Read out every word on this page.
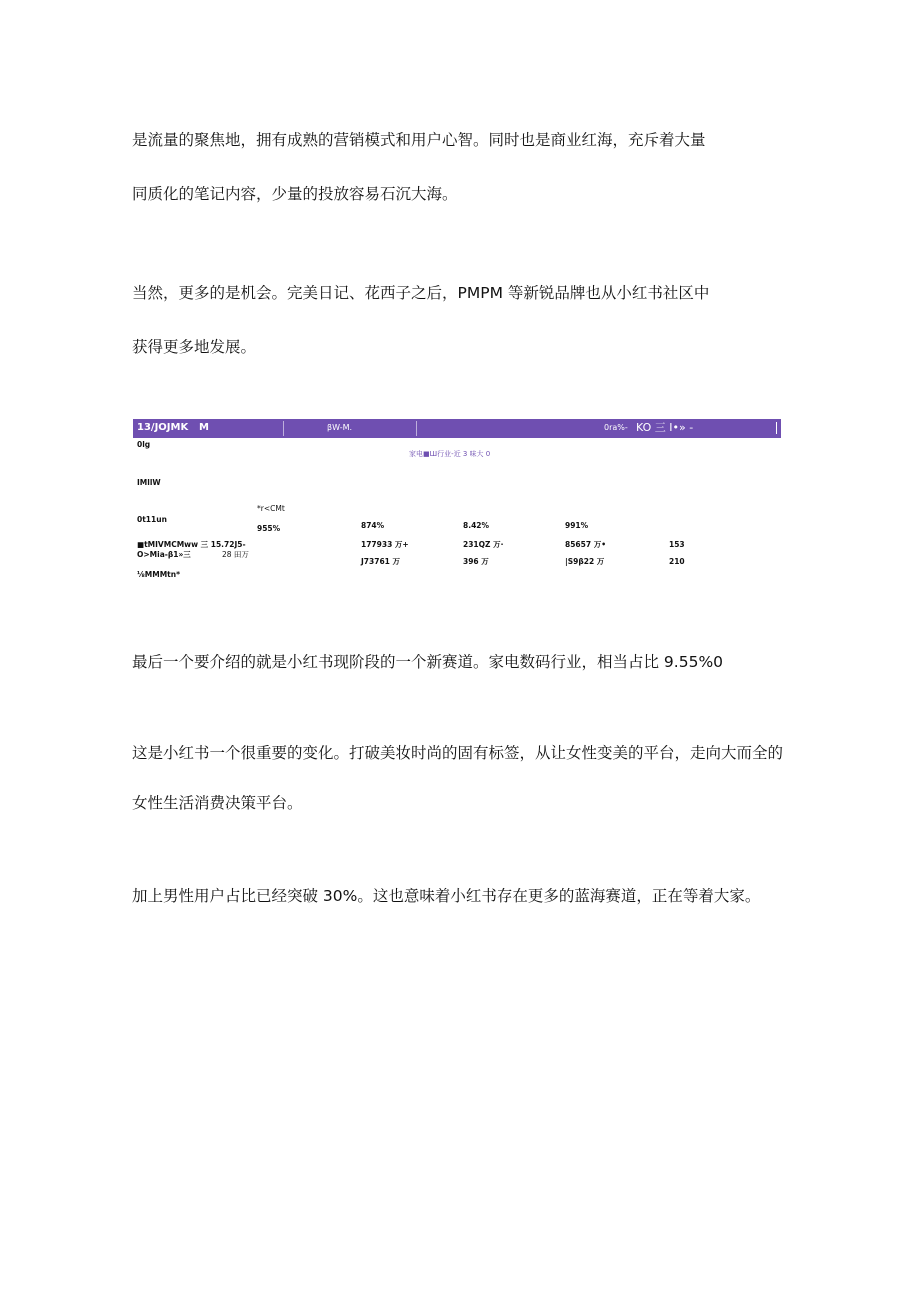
是流量的聚焦地，拥有成熟的营销模式和用户心智。同时也是商业红海，充斥着大量

同质化的笔记内容，少量的投放容易石沉大海。

当然，更多的是机会。完美日记、花西子之后，PMPM 等新锐品牌也从小红书社区中

获得更多地发展。

13/JOJMK M	βW-M.	0ra%- KO 三 I•» -
家电■Ш行业-近 3 味大 0
0lg
IMllW
0t11un
■tMIVMCMww 三 15.72J5-
O>Mia-β1»三
⅛MMMtn*
*r<CMt
955%
28 田万
874%
177933 万+
J73761 万
8.42%
231QZ 万·
396 万
991%
85657 万•
|S9β22 万
153
210

最后一个要介绍的就是小红书现阶段的一个新赛道。家电数码行业，相当占比 9.55%0

这是小红书一个很重要的变化。打破美妆时尚的固有标签，从让女性变美的平台，走向大而全的

女性生活消费决策平台。

加上男性用户占比已经突破 30%。这也意味着小红书存在更多的蓝海赛道，正在等着大家。
